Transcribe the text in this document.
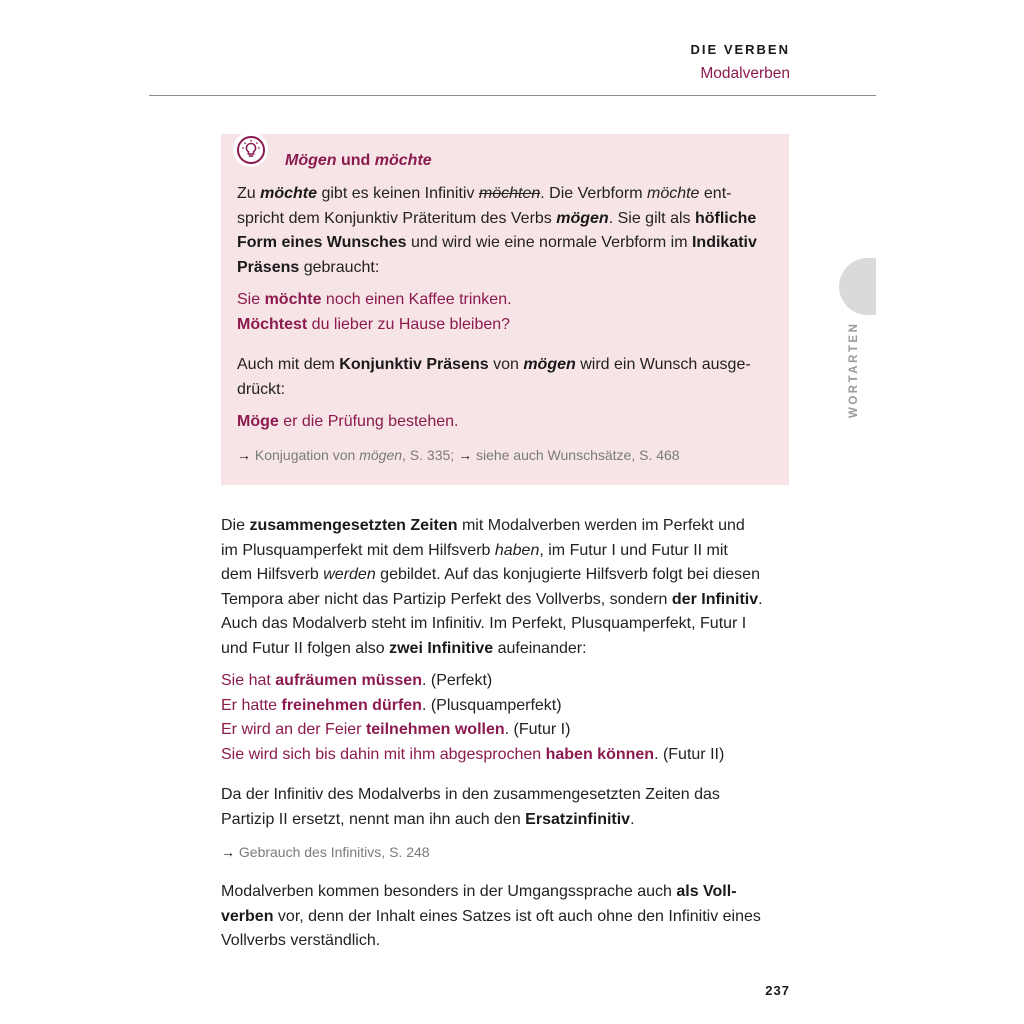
DIE VERBEN
Modalverben
WORTARTEN
Mögen und möchte

Zu möchte gibt es keinen Infinitiv möchten. Die Verbform möchte ent-
spricht dem Konjunktiv Präteritum des Verbs mögen. Sie gilt als höfliche
Form eines Wunsches und wird wie eine normale Verbform im Indikativ
Präsens gebraucht:

Sie möchte noch einen Kaffee trinken.

Möchtest du lieber zu Hause bleiben?

Auch mit dem Konjunktiv Präsens von mögen wird ein Wunsch ausge-
drückt:

Möge er die Prüfung bestehen.

→ Konjugation von mögen, S. 335; → siehe auch Wunschsätze, S. 468

Die zusammengesetzten Zeiten mit Modalverben werden im Perfekt und
im Plusquamperfekt mit dem Hilfsverb haben, im Futur I und Futur II mit
dem Hilfsverb werden gebildet. Auf das konjugierte Hilfsverb folgt bei diesen
Tempora aber nicht das Partizip Perfekt des Vollverbs, sondern der Infinitiv.
Auch das Modalverb steht im Infinitiv. Im Perfekt, Plusquamperfekt, Futur I
und Futur II folgen also zwei Infinitive aufeinander:

Sie hat aufräumen müssen. (Perfekt)

Er hatte freinehmen dürfen. (Plusquamperfekt)

Er wird an der Feier teilnehmen wollen. (Futur I)

Sie wird sich bis dahin mit ihm abgesprochen haben können. (Futur II)

Da der Infinitiv des Modalverbs in den zusammengesetzten Zeiten das
Partizip II ersetzt, nennt man ihn auch den Ersatzinfinitiv.

→ Gebrauch des Infinitivs, S. 248

Modalverben kommen besonders in der Umgangssprache auch als Voll-
verben vor, denn der Inhalt eines Satzes ist oft auch ohne den Infinitiv eines
Vollverbs verständlich.

237
